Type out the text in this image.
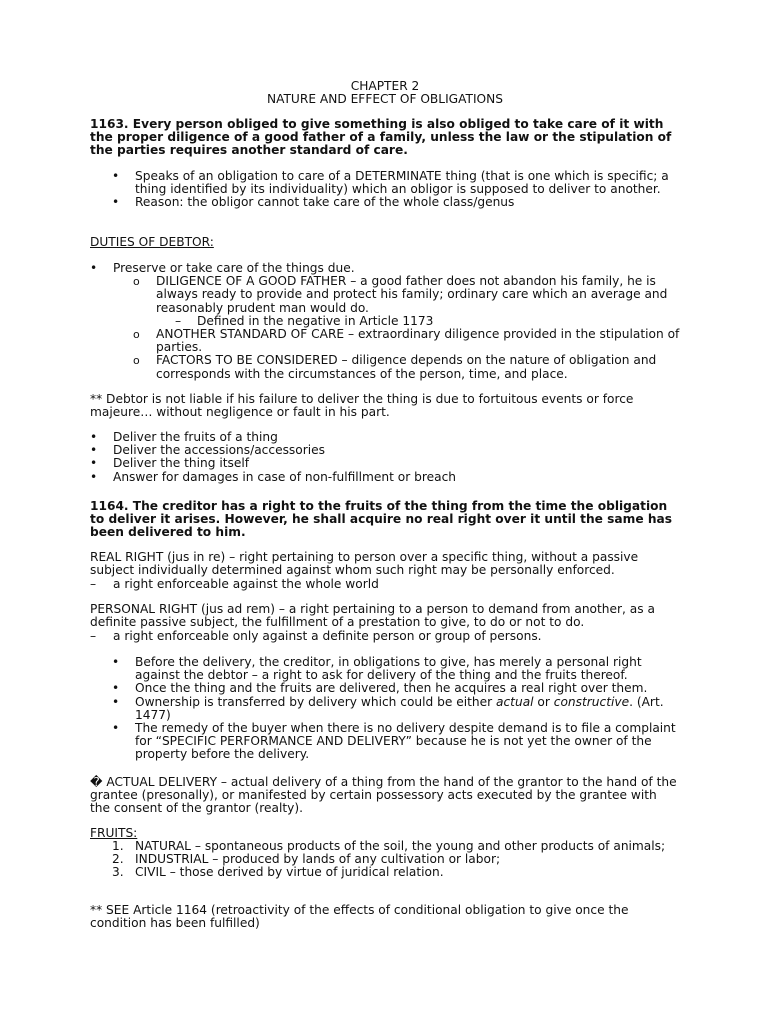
CHAPTER 2
NATURE AND EFFECT OF OBLIGATIONS

1163. Every person obliged to give something is also obliged to take care of it with the proper diligence of a good father of a family, unless the law or the stipulation of the parties requires another standard of care.

• Speaks of an obligation to care of a DETERMINATE thing (that is one which is specific; a thing identified by its individuality) which an obligor is supposed to deliver to another.
• Reason: the obligor cannot take care of the whole class/genus
DUTIES OF DEBTOR:
• Preserve or take care of the things due.
o DILIGENCE OF A GOOD FATHER – a good father does not abandon his family, he is always ready to provide and protect his family; ordinary care which an average and reasonably prudent man would do.
– Defined in the negative in Article 1173
o ANOTHER STANDARD OF CARE – extraordinary diligence provided in the stipulation of parties.
o FACTORS TO BE CONSIDERED – diligence depends on the nature of obligation and corresponds with the circumstances of the person, time, and place.

** Debtor is not liable if his failure to deliver the thing is due to fortuitous events or force majeure… without negligence or fault in his part.

• Deliver the fruits of a thing
• Deliver the accessions/accessories
• Deliver the thing itself
• Answer for damages in case of non-fulfillment or breach

1164. The creditor has a right to the fruits of the thing from the time the obligation to deliver it arises. However, he shall acquire no real right over it until the same has been delivered to him.

REAL RIGHT (jus in re) – right pertaining to person over a specific thing, without a passive subject individually determined against whom such right may be personally enforced.

– a right enforceable against the whole world

PERSONAL RIGHT (jus ad rem) – a right pertaining to a person to demand from another, as a definite passive subject, the fulfillment of a prestation to give, to do or not to do.

– a right enforceable only against a definite person or group of persons.
• Before the delivery, the creditor, in obligations to give, has merely a personal right against the debtor – a right to ask for delivery of the thing and the fruits thereof.
• Once the thing and the fruits are delivered, then he acquires a real right over them.
• Ownership is transferred by delivery which could be either actual or constructive. (Art. 1477)
• The remedy of the buyer when there is no delivery despite demand is to file a complaint for “SPECIFIC PERFORMANCE AND DELIVERY” because he is not yet the owner of the property before the delivery.

� ACTUAL DELIVERY – actual delivery of a thing from the hand of the grantor to the hand of the grantee (presonally), or manifested by certain possessory acts executed by the grantee with the consent of the grantor (realty).

FRUITS:
1. NATURAL – spontaneous products of the soil, the young and other products of animals;
2. INDUSTRIAL – produced by lands of any cultivation or labor;
3. CIVIL – those derived by virtue of juridical relation.

** SEE Article 1164 (retroactivity of the effects of conditional obligation to give once the condition has been fulfilled)
